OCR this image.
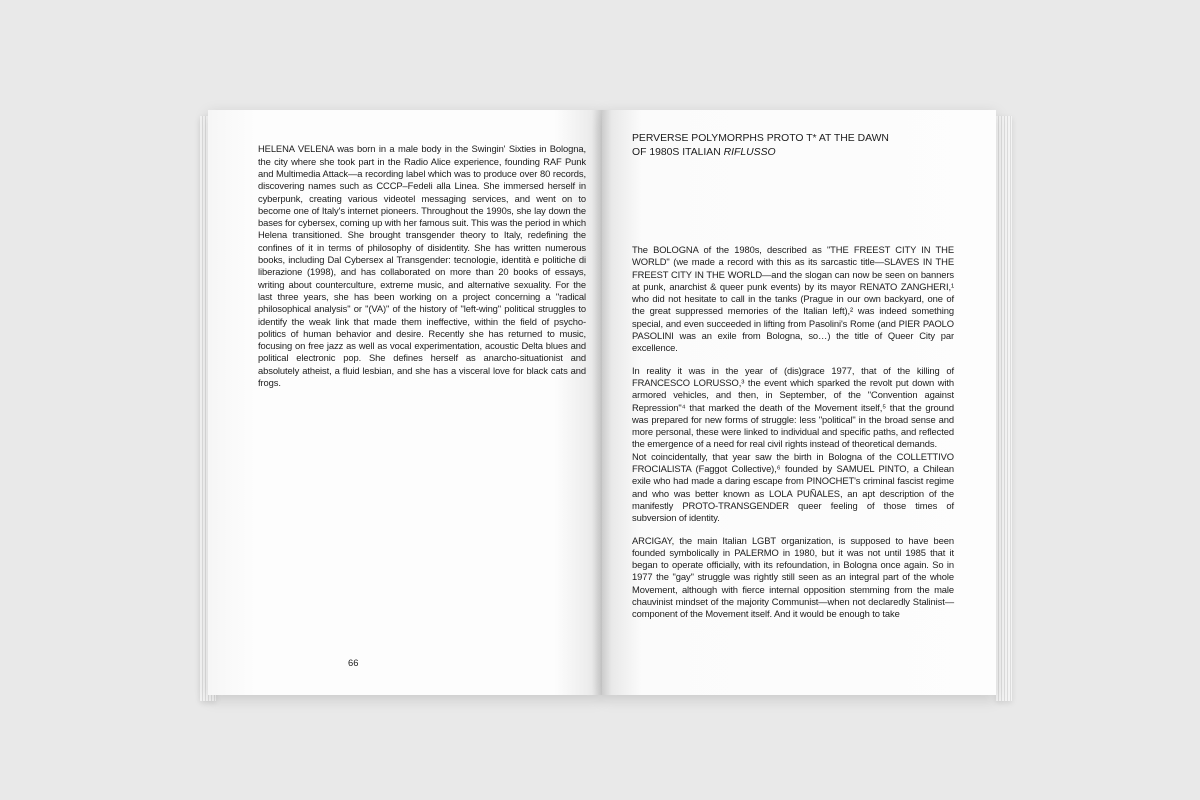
HELENA VELENA was born in a male body in the Swingin' Sixties in Bologna, the city where she took part in the Radio Alice experience, founding RAF Punk and Multimedia Attack—a recording label which was to produce over 80 records, discovering names such as CCCP–Fedeli alla Linea. She immersed herself in cyberpunk, creating various videotel messaging services, and went on to become one of Italy's internet pioneers. Throughout the 1990s, she lay down the bases for cybersex, coming up with her famous suit. This was the period in which Helena transitioned. She brought transgender theory to Italy, redefining the confines of it in terms of philosophy of disidentity. She has written numerous books, including Dal Cybersex al Transgender: tecnologie, identità e politiche di liberazione (1998), and has collaborated on more than 20 books of essays, writing about counterculture, extreme music, and alternative sexuality. For the last three years, she has been working on a project concerning a "radical philosophical analysis" or "(VA)" of the history of "left-wing" political struggles to identify the weak link that made them ineffective, within the field of psycho-politics of human behavior and desire. Recently she has returned to music, focusing on free jazz as well as vocal experimentation, acoustic Delta blues and political electronic pop. She defines herself as anarcho-situationist and absolutely atheist, a fluid lesbian, and she has a visceral love for black cats and frogs.

66
PERVERSE POLYMORPHS PROTO T* AT THE DAWN
OF 1980S ITALIAN RIFLUSSO

The BOLOGNA of the 1980s, described as "THE FREEST CITY IN THE WORLD" (we made a record with this as its sarcastic title—SLAVES IN THE FREEST CITY IN THE WORLD—and the slogan can now be seen on banners at punk, anarchist & queer punk events) by its mayor RENATO ZANGHERI,¹ who did not hesitate to call in the tanks (Prague in our own backyard, one of the great suppressed memories of the Italian left),² was indeed something special, and even succeeded in lifting from Pasolini's Rome (and PIER PAOLO PASOLINI was an exile from Bologna, so…) the title of Queer City par excellence.

In reality it was in the year of (dis)grace 1977, that of the killing of FRANCESCO LORUSSO,³ the event which sparked the revolt put down with armored vehicles, and then, in September, of the "Convention against Repression"⁴ that marked the death of the Movement itself,⁵ that the ground was prepared for new forms of struggle: less "political" in the broad sense and more personal, these were linked to individual and specific paths, and reflected the emergence of a need for real civil rights instead of theoretical demands.

Not coincidentally, that year saw the birth in Bologna of the COLLETTIVO FROCIALISTA (Faggot Collective),⁶ founded by SAMUEL PINTO, a Chilean exile who had made a daring escape from PINOCHET's criminal fascist regime and who was better known as LOLA PUÑALES, an apt description of the manifestly PROTO-TRANSGENDER queer feeling of those times of subversion of identity.

ARCIGAY, the main Italian LGBT organization, is supposed to have been founded symbolically in PALERMO in 1980, but it was not until 1985 that it began to operate officially, with its refoundation, in Bologna once again. So in 1977 the "gay" struggle was rightly still seen as an integral part of the whole Movement, although with fierce internal opposition stemming from the male chauvinist mindset of the majority Communist—when not declaredly Stalinist—component of the Movement itself. And it would be enough to take
